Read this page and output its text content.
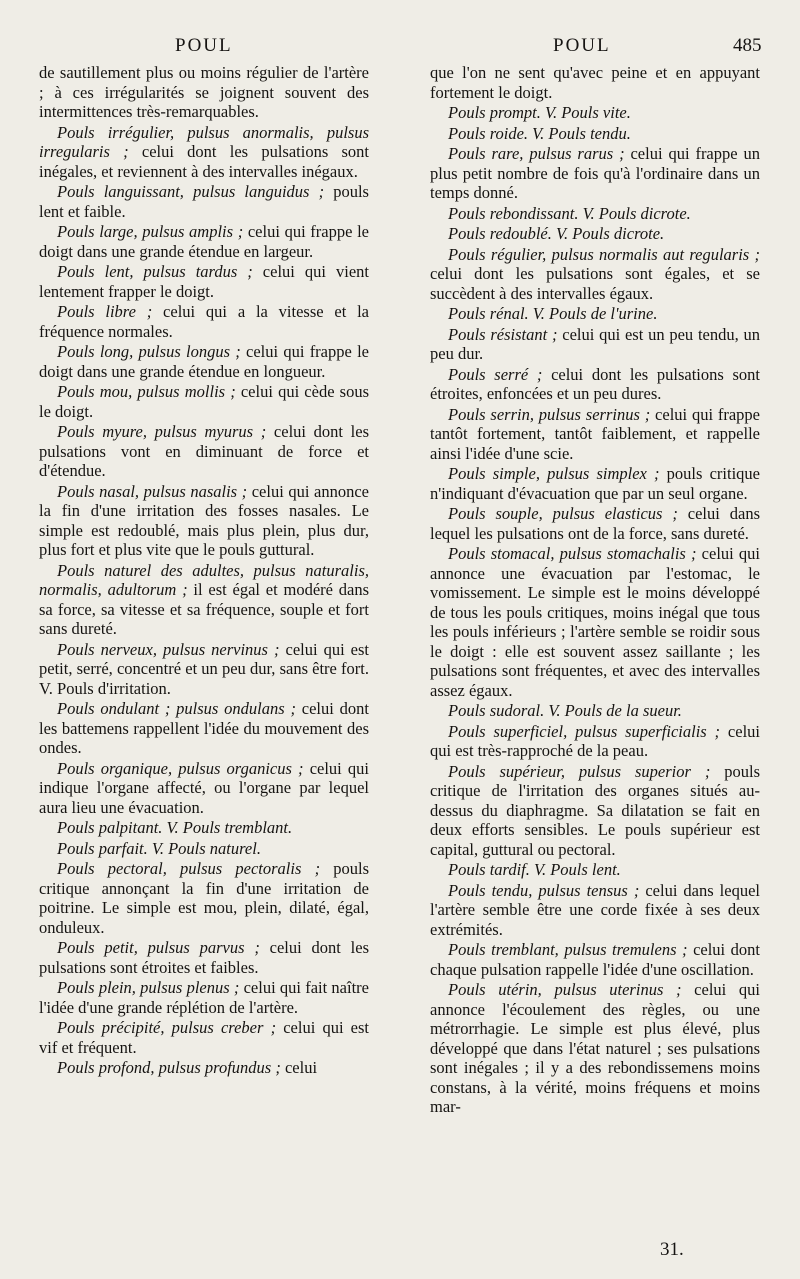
POUL	POUL	485

de sautillement plus ou moins régulier de l'artère ; à ces irrégularités se joignent souvent des intermittences très-remarquables.

Pouls irrégulier, pulsus anormalis, pulsus irregularis ; celui dont les pulsations sont inégales, et reviennent à des intervalles inégaux.

Pouls languissant, pulsus languidus ; pouls lent et faible.

Pouls large, pulsus amplis ; celui qui frappe le doigt dans une grande étendue en largeur.

Pouls lent, pulsus tardus ; celui qui vient lentement frapper le doigt.

Pouls libre ; celui qui a la vitesse et la fréquence normales.

Pouls long, pulsus longus ; celui qui frappe le doigt dans une grande étendue en longueur.

Pouls mou, pulsus mollis ; celui qui cède sous le doigt.

Pouls myure, pulsus myurus ; celui dont les pulsations vont en diminuant de force et d'étendue.

Pouls nasal, pulsus nasalis ; celui qui annonce la fin d'une irritation des fosses nasales. Le simple est redoublé, mais plus plein, plus dur, plus fort et plus vite que le pouls guttural.

Pouls naturel des adultes, pulsus naturalis, normalis, adultorum ; il est égal et modéré dans sa force, sa vitesse et sa fréquence, souple et fort sans dureté.

Pouls nerveux, pulsus nervinus ; celui qui est petit, serré, concentré et un peu dur, sans être fort. V. Pouls d'irritation.

Pouls ondulant ; pulsus ondulans ; celui dont les battemens rappellent l'idée du mouvement des ondes.

Pouls organique, pulsus organicus ; celui qui indique l'organe affecté, ou l'organe par lequel aura lieu une évacuation.

Pouls palpitant. V. Pouls tremblant.

Pouls parfait. V. Pouls naturel.

Pouls pectoral, pulsus pectoralis ; pouls critique annonçant la fin d'une irritation de poitrine. Le simple est mou, plein, dilaté, égal, onduleux.

Pouls petit, pulsus parvus ; celui dont les pulsations sont étroites et faibles.

Pouls plein, pulsus plenus ; celui qui fait naître l'idée d'une grande réplétion de l'artère.

Pouls précipité, pulsus creber ; celui qui est vif et fréquent.

Pouls profond, pulsus profundus ; celui

que l'on ne sent qu'avec peine et en appuyant fortement le doigt.

Pouls prompt. V. Pouls vite.

Pouls roide. V. Pouls tendu.

Pouls rare, pulsus rarus ; celui qui frappe un plus petit nombre de fois qu'à l'ordinaire dans un temps donné.

Pouls rebondissant. V. Pouls dicrote.

Pouls redoublé. V. Pouls dicrote.

Pouls régulier, pulsus normalis aut regularis ; celui dont les pulsations sont égales, et se succèdent à des intervalles égaux.

Pouls rénal. V. Pouls de l'urine.

Pouls résistant ; celui qui est un peu tendu, un peu dur.

Pouls serré ; celui dont les pulsations sont étroites, enfoncées et un peu dures.

Pouls serrin, pulsus serrinus ; celui qui frappe tantôt fortement, tantôt faiblement, et rappelle ainsi l'idée d'une scie.

Pouls simple, pulsus simplex ; pouls critique n'indiquant d'évacuation que par un seul organe.

Pouls souple, pulsus elasticus ; celui dans lequel les pulsations ont de la force, sans dureté.

Pouls stomacal, pulsus stomachalis ; celui qui annonce une évacuation par l'estomac, le vomissement. Le simple est le moins développé de tous les pouls critiques, moins inégal que tous les pouls inférieurs ; l'artère semble se roidir sous le doigt : elle est souvent assez saillante ; les pulsations sont fréquentes, et avec des intervalles assez égaux.

Pouls sudoral. V. Pouls de la sueur.

Pouls superficiel, pulsus superficialis ; celui qui est très-rapproché de la peau.

Pouls supérieur, pulsus superior ; pouls critique de l'irritation des organes situés au-dessus du diaphragme. Sa dilatation se fait en deux efforts sensibles. Le pouls supérieur est capital, guttural ou pectoral.

Pouls tardif. V. Pouls lent.

Pouls tendu, pulsus tensus ; celui dans lequel l'artère semble être une corde fixée à ses deux extrémités.

Pouls tremblant, pulsus tremulens ; celui dont chaque pulsation rappelle l'idée d'une oscillation.

Pouls utérin, pulsus uterinus ; celui qui annonce l'écoulement des règles, ou une métrorrhagie. Le simple est plus élevé, plus développé que dans l'état naturel ; ses pulsations sont inégales ; il y a des rebondissemens moins constans, à la vérité, moins fréquens et moins mar-

31.
